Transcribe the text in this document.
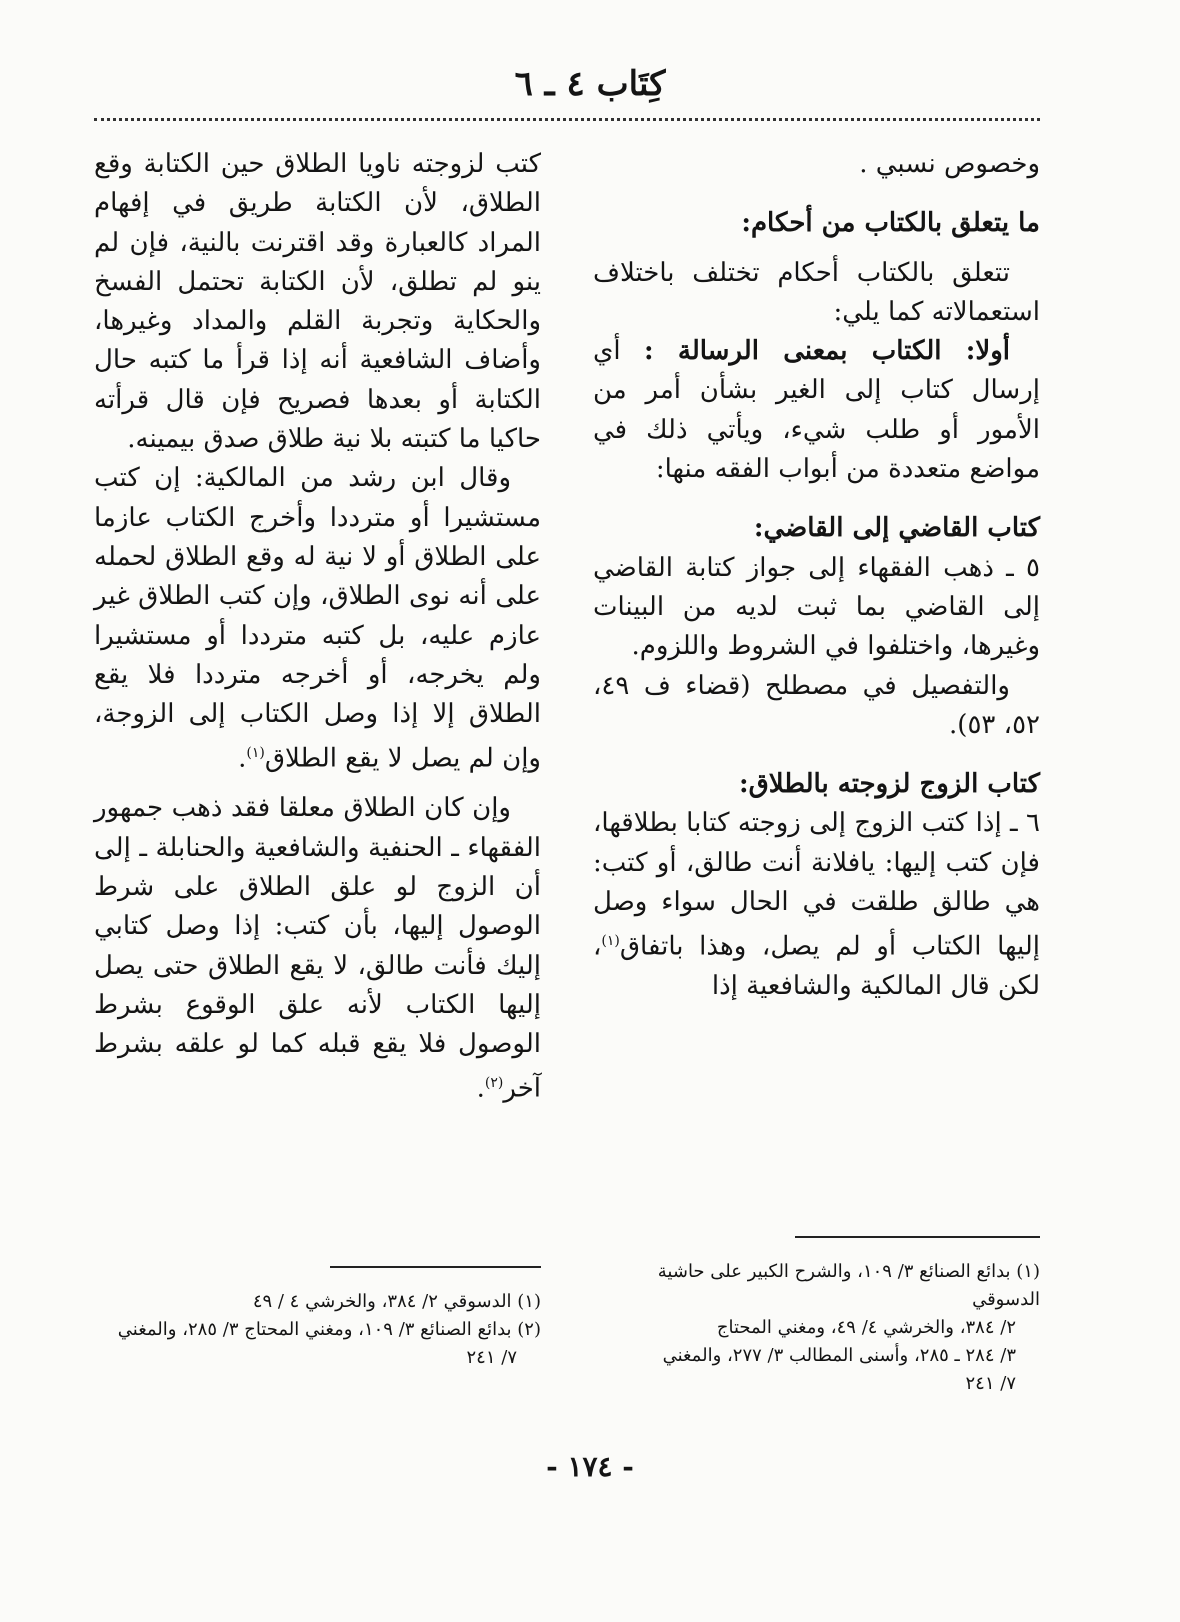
كِتَاب ٤ ـ ٦

وخصوص نسبي .

ما يتعلق بالكتاب من أحكام:

تتعلق بالكتاب أحكام تختلف باختلاف استعمالاته كما يلي:

أولا: الكتاب بمعنى الرسالة : أي إرسال كتاب إلى الغير بشأن أمر من الأمور أو طلب شيء، ويأتي ذلك في مواضع متعددة من أبواب الفقه منها:

كتاب القاضي إلى القاضي:

٥ ـ ذهب الفقهاء إلى جواز كتابة القاضي إلى القاضي بما ثبت لديه من البينات وغيرها، واختلفوا في الشروط واللزوم.

والتفصيل في مصطلح (قضاء ف ٤٩، ٥٢، ٥٣).

كتاب الزوج لزوجته بالطلاق:

٦ ـ إذا كتب الزوج إلى زوجته كتابا بطلاقها، فإن كتب إليها: يافلانة أنت طالق، أو كتب: هي طالق طلقت في الحال سواء وصل إليها الكتاب أو لم يصل، وهذا باتفاق$^{(١)}$، لكن قال المالكية والشافعية إذا

كتب لزوجته ناويا الطلاق حين الكتابة وقع الطلاق، لأن الكتابة طريق في إفهام المراد كالعبارة وقد اقترنت بالنية، فإن لم ينو لم تطلق، لأن الكتابة تحتمل الفسخ والحكاية وتجربة القلم والمداد وغيرها، وأضاف الشافعية أنه إذا قرأ ما كتبه حال الكتابة أو بعدها فصريح فإن قال قرأته حاكيا ما كتبته بلا نية طلاق صدق بيمينه.

وقال ابن رشد من المالكية: إن كتب مستشيرا أو مترددا وأخرج الكتاب عازما على الطلاق أو لا نية له وقع الطلاق لحمله على أنه نوى الطلاق، وإن كتب الطلاق غير عازم عليه، بل كتبه مترددا أو مستشيرا ولم يخرجه، أو أخرجه مترددا فلا يقع الطلاق إلا إذا وصل الكتاب إلى الزوجة، وإن لم يصل لا يقع الطلاق$^{(١)}$.

وإن كان الطلاق معلقا فقد ذهب جمهور الفقهاء ـ الحنفية والشافعية والحنابلة ـ إلى أن الزوج لو علق الطلاق على شرط الوصول إليها، بأن كتب: إذا وصل كتابي إليك فأنت طالق، لا يقع الطلاق حتى يصل إليها الكتاب لأنه علق الوقوع بشرط الوصول فلا يقع قبله كما لو علقه بشرط آخر$^{(٢)}$.

(١) بدائع الصنائع ٣/ ١٠٩، والشرح الكبير على حاشية الدسوقي

٢/ ٣٨٤، والخرشي ٤/ ٤٩، ومغني المحتاج

٣/ ٢٨٤ ـ ٢٨٥، وأسنى المطالب ٣/ ٢٧٧، والمغني

٧/ ٢٤١

(١) الدسوقي ٢/ ٣٨٤، والخرشي ٤ / ٤٩

(٢) بدائع الصنائع ٣/ ١٠٩، ومغني المحتاج ٣/ ٢٨٥، والمغني

٧/ ٢٤١

- ١٧٤ -
